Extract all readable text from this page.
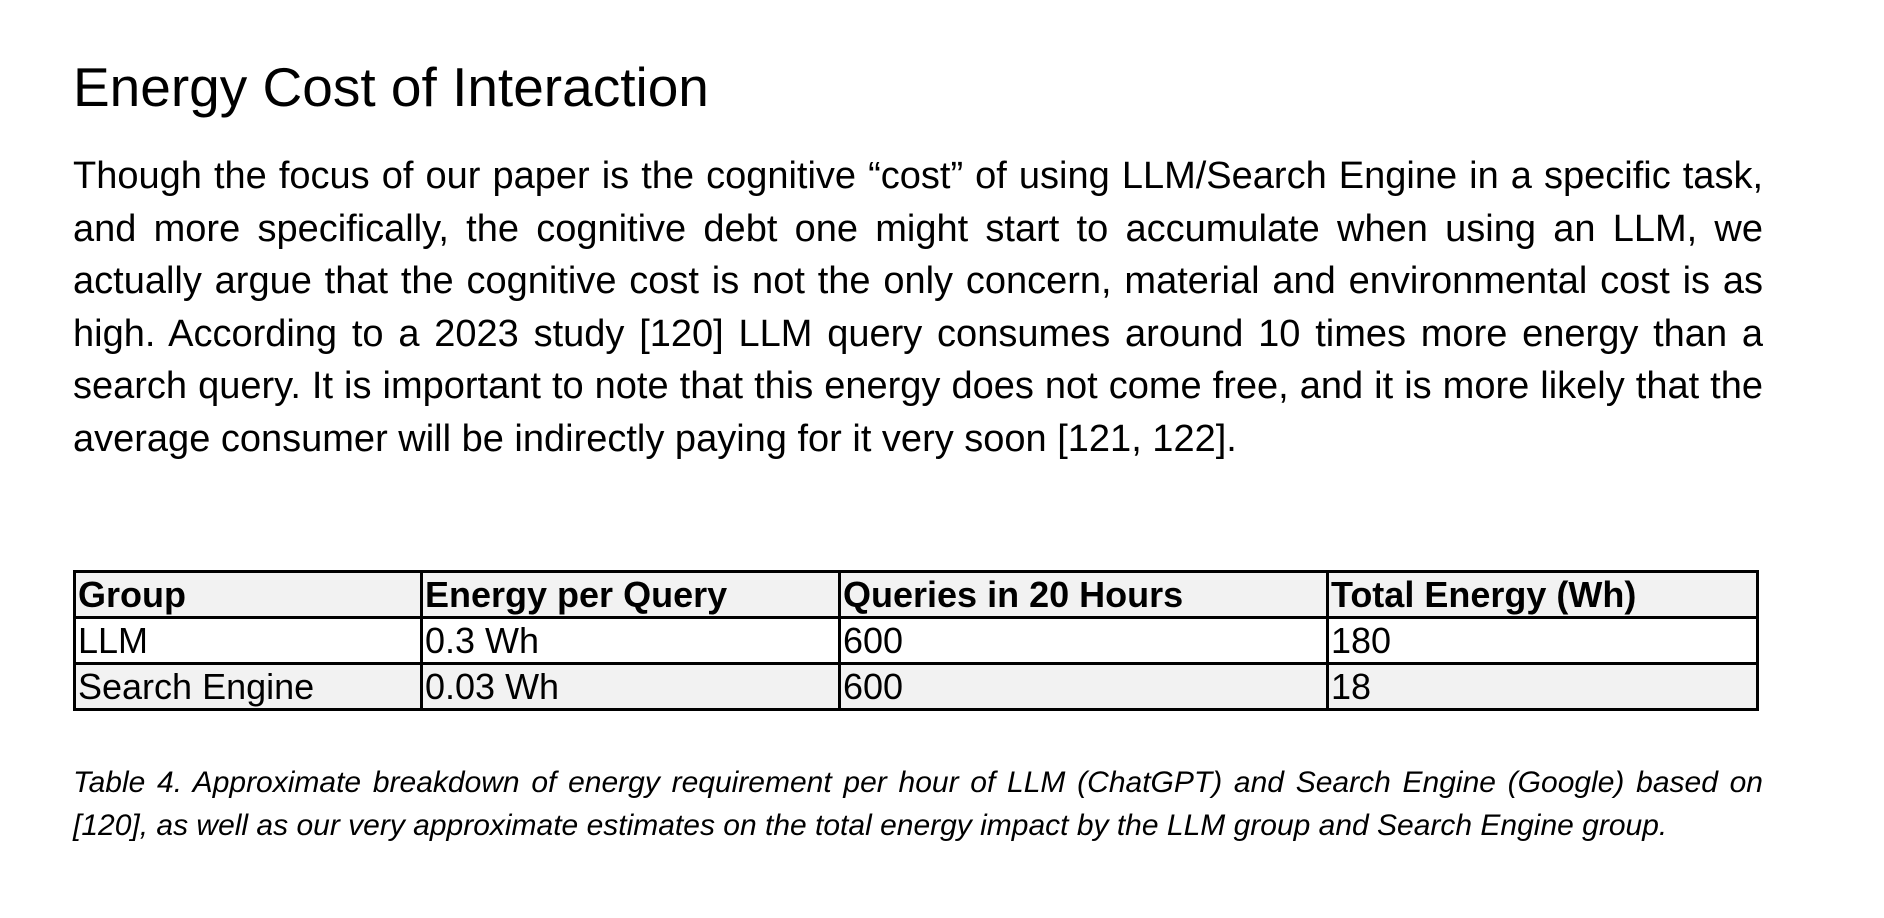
Energy Cost of Interaction

Though the focus of our paper is the cognitive “cost” of using LLM/Search Engine in a specific task, and more specifically, the cognitive debt one might start to accumulate when using an LLM, we actually argue that the cognitive cost is not the only concern, material and environmental cost is as high. According to a 2023 study [120] LLM query consumes around 10 times more energy than a search query. It is important to note that this energy does not come free, and it is more likely that the average consumer will be indirectly paying for it very soon [121, 122].

Group	Energy per Query	Queries in 20 Hours	Total Energy (Wh)
LLM	0.3 Wh	600	180
Search Engine	0.03 Wh	600	18

Table 4. Approximate breakdown of energy requirement per hour of LLM (ChatGPT) and Search Engine (Google) based on [120], as well as our very approximate estimates on the total energy impact by the LLM group and Search Engine group.
